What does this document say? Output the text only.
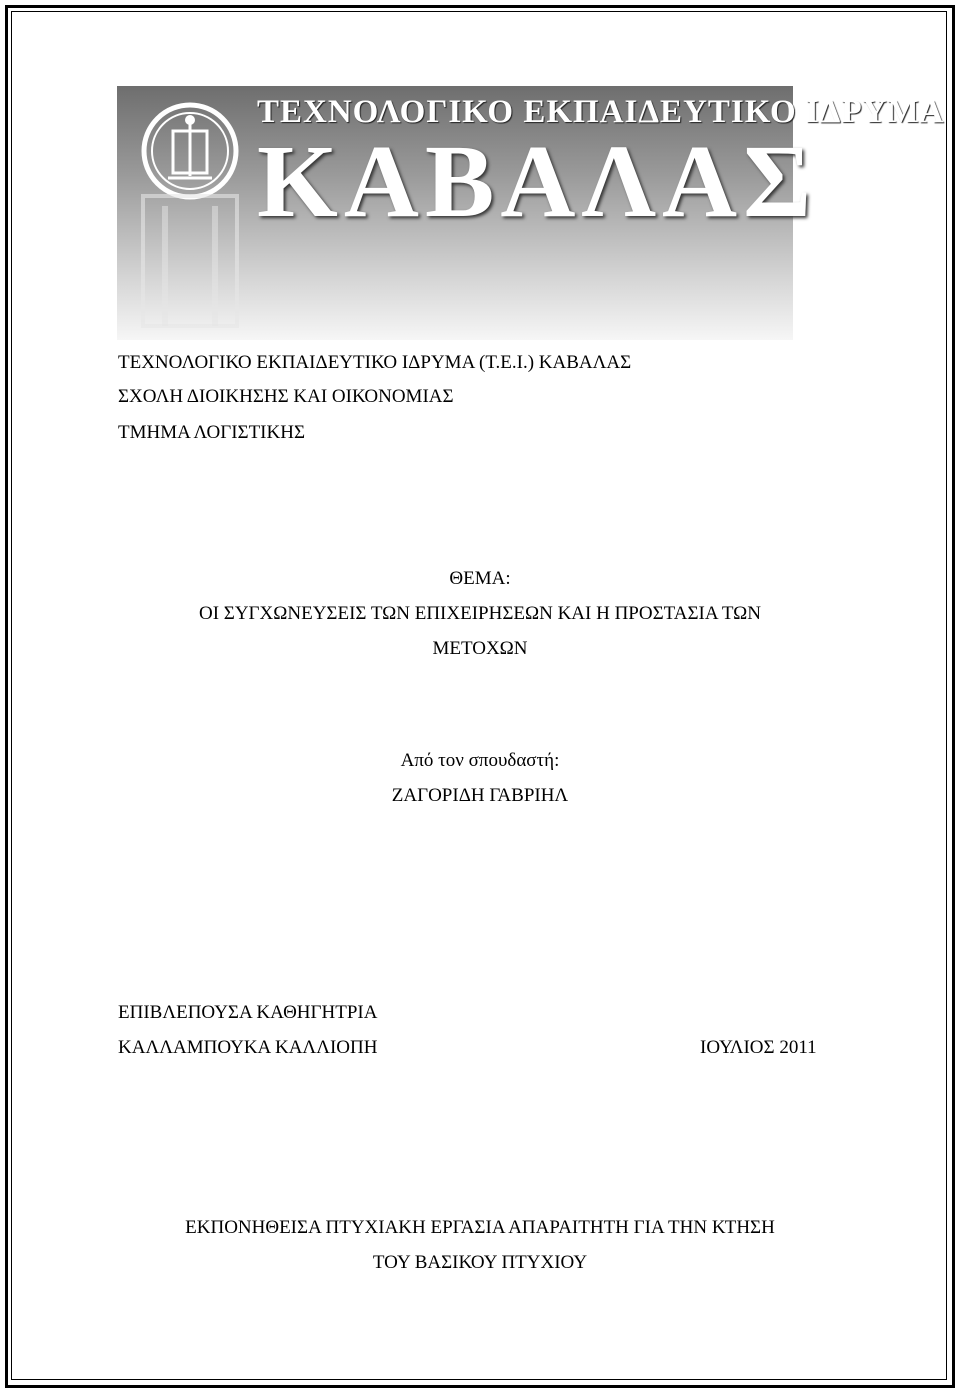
ΤΕΧΝΟΛΟΓΙΚΟ ΕΚΠΑΙΔΕΥΤΙΚΟ ΙΔΡΥΜΑ
ΚΑΒΑΛΑΣ
ΤΕΧΝΟΛΟΓΙΚΟ ΕΚΠΑΙΔΕΥΤΙΚΟ ΙΔΡΥΜΑ (Τ.Ε.Ι.) ΚΑΒΑΛΑΣ
ΣΧΟΛΗ ΔΙΟΙΚΗΣΗΣ ΚΑΙ ΟΙΚΟΝΟΜΙΑΣ
ΤΜΗΜΑ ΛΟΓΙΣΤΙΚΗΣ
ΘΕΜΑ:
ΟΙ ΣΥΓΧΩΝΕΥΣΕΙΣ ΤΩΝ ΕΠΙΧΕΙΡΗΣΕΩΝ ΚΑΙ Η ΠΡΟΣΤΑΣΙΑ ΤΩΝ
ΜΕΤΟΧΩΝ
Από τον σπουδαστή:
ΖΑΓΟΡΙΔΗ ΓΑΒΡΙΗΛ
ΕΠΙΒΛΕΠΟΥΣΑ ΚΑΘΗΓΗΤΡΙΑ
ΚΑΛΛΑΜΠΟΥΚΑ ΚΑΛΛΙΟΠΗ	ΙΟΥΛΙΟΣ 2011
ΕΚΠΟΝΗΘΕΙΣΑ ΠΤΥΧΙΑΚΗ ΕΡΓΑΣΙΑ ΑΠΑΡΑΙΤΗΤΗ ΓΙΑ ΤΗΝ ΚΤΗΣΗ
ΤΟΥ ΒΑΣΙΚΟΥ ΠΤΥΧΙΟΥ
